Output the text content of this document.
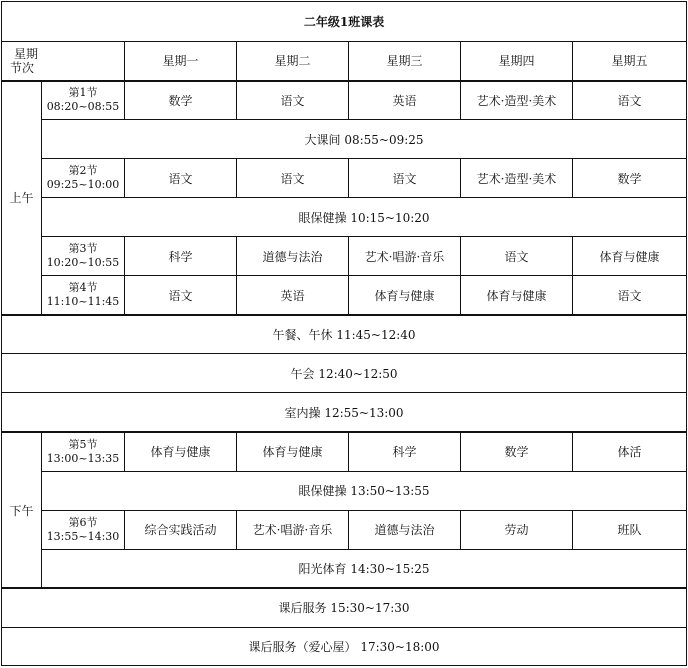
二年级1班课表						

星期
节次		星期一	星期二	星期三	星期四	星期五
上午	第1节
08:20~08:55	数学	语文	英语	艺术·造型·美术	语文
	大课间 08:55~09:25					

	第2节
09:25~10:00	语文	语文	语文	艺术·造型·美术	数学
	眼保健操 10:15~10:20					

	第3节
10:20~10:55	科学	道德与法治	艺术·唱游·音乐	语文	体育与健康

	第4节
11:10~11:45	语文	英语	体育与健康	体育与健康	语文
午餐、午休 11:45~12:40						
午会 12:40~12:50						
室内操 12:55~13:00						
下午	第5节
13:00~13:35	体育与健康	体育与健康	科学	数学	体活
	眼保健操 13:50~13:55					

	第6节
13:55~14:30	综合实践活动	艺术·唱游·音乐	道德与法治	劳动	班队
	阳光体育 14:30~15:25					
课后服务 15:30~17:30						
课后服务（爱心屋） 17:30~18:00						
